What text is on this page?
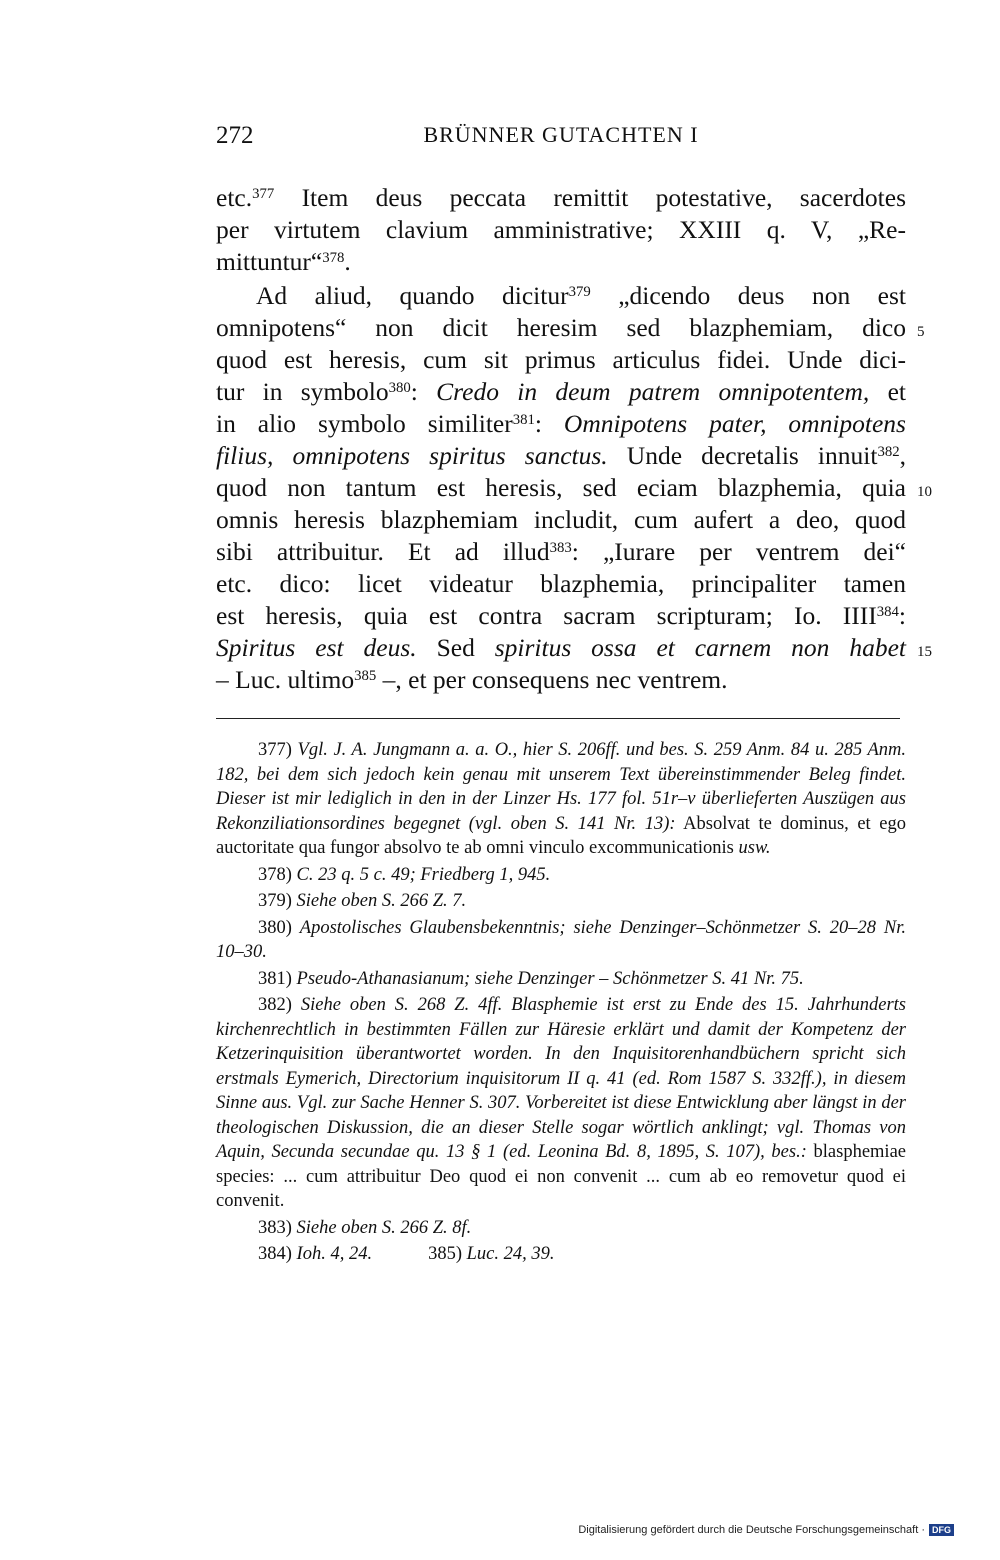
272	BRÜNNER GUTACHTEN I
etc.$^{377}$ Item deus peccata remittit potestative, sacerdotes
per virtutem clavium amministrative; XXIII q. V, „Re-
mittuntur“$^{378}$.
Ad aliud, quando dicitur$^{379}$ „dicendo deus non est
omnipotens“ non dicit heresim sed blazphemiam, dico
quod est heresis, cum sit primus articulus fidei. Unde dici-
tur in symbolo$^{380}$: Credo in deum patrem omnipotentem, et
in alio symbolo similiter$^{381}$: Omnipotens pater, omnipotens
filius, omnipotens spiritus sanctus. Unde decretalis innuit$^{382}$,
quod non tantum est heresis, sed eciam blazphemia, quia
omnis heresis blazphemiam includit, cum aufert a deo, quod
sibi attribuitur. Et ad illud$^{383}$: „Iurare per ventrem dei“
etc. dico: licet videatur blazphemia, principaliter tamen
est heresis, quia est contra sacram scripturam; Io. IIII$^{384}$:
Spiritus est deus. Sed spiritus ossa et carnem non habet
– Luc. ultimo$^{385}$ –, et per consequens nec ventrem.
5
10
15

377) Vgl. J. A. Jungmann a. a. O., hier S. 206ff. und bes. S. 259 Anm. 84 u. 285 Anm. 182, bei dem sich jedoch kein genau mit unserem Text übereinstimmender Beleg findet. Dieser ist mir lediglich in den in der Linzer Hs. 177 fol. 51r–v überlieferten Auszügen aus Rekonziliationsordines begegnet (vgl. oben S. 141 Nr. 13): Absolvat te dominus, et ego auctoritate qua fungor absolvo te ab omni vinculo excommunicationis usw.

378) C. 23 q. 5 c. 49; Friedberg 1, 945.

379) Siehe oben S. 266 Z. 7.

380) Apostolisches Glaubensbekenntnis; siehe Denzinger–Schönmetzer S. 20–28 Nr. 10–30.

381) Pseudo-Athanasianum; siehe Denzinger – Schönmetzer S. 41 Nr. 75.

382) Siehe oben S. 268 Z. 4ff. Blasphemie ist erst zu Ende des 15. Jahrhunderts kirchenrechtlich in bestimmten Fällen zur Häresie erklärt und damit der Kompetenz der Ketzerinquisition überantwortet worden. In den Inquisitorenhandbüchern spricht sich erstmals Eymerich, Directorium inquisitorum II q. 41 (ed. Rom 1587 S. 332ff.), in diesem Sinne aus. Vgl. zur Sache Henner S. 307. Vorbereitet ist diese Entwicklung aber längst in der theologischen Diskussion, die an dieser Stelle sogar wörtlich anklingt; vgl. Thomas von Aquin, Secunda secundae qu. 13 § 1 (ed. Leonina Bd. 8, 1895, S. 107), bes.: blasphemiae species: ... cum attribuitur Deo quod ei non convenit ... cum ab eo removetur quod ei convenit.

383) Siehe oben S. 266 Z. 8f.

384) Ioh. 4, 24.	385) Luc. 24, 39.

Digitalisierung gefördert durch die Deutsche Forschungsgemeinschaft · DFG
